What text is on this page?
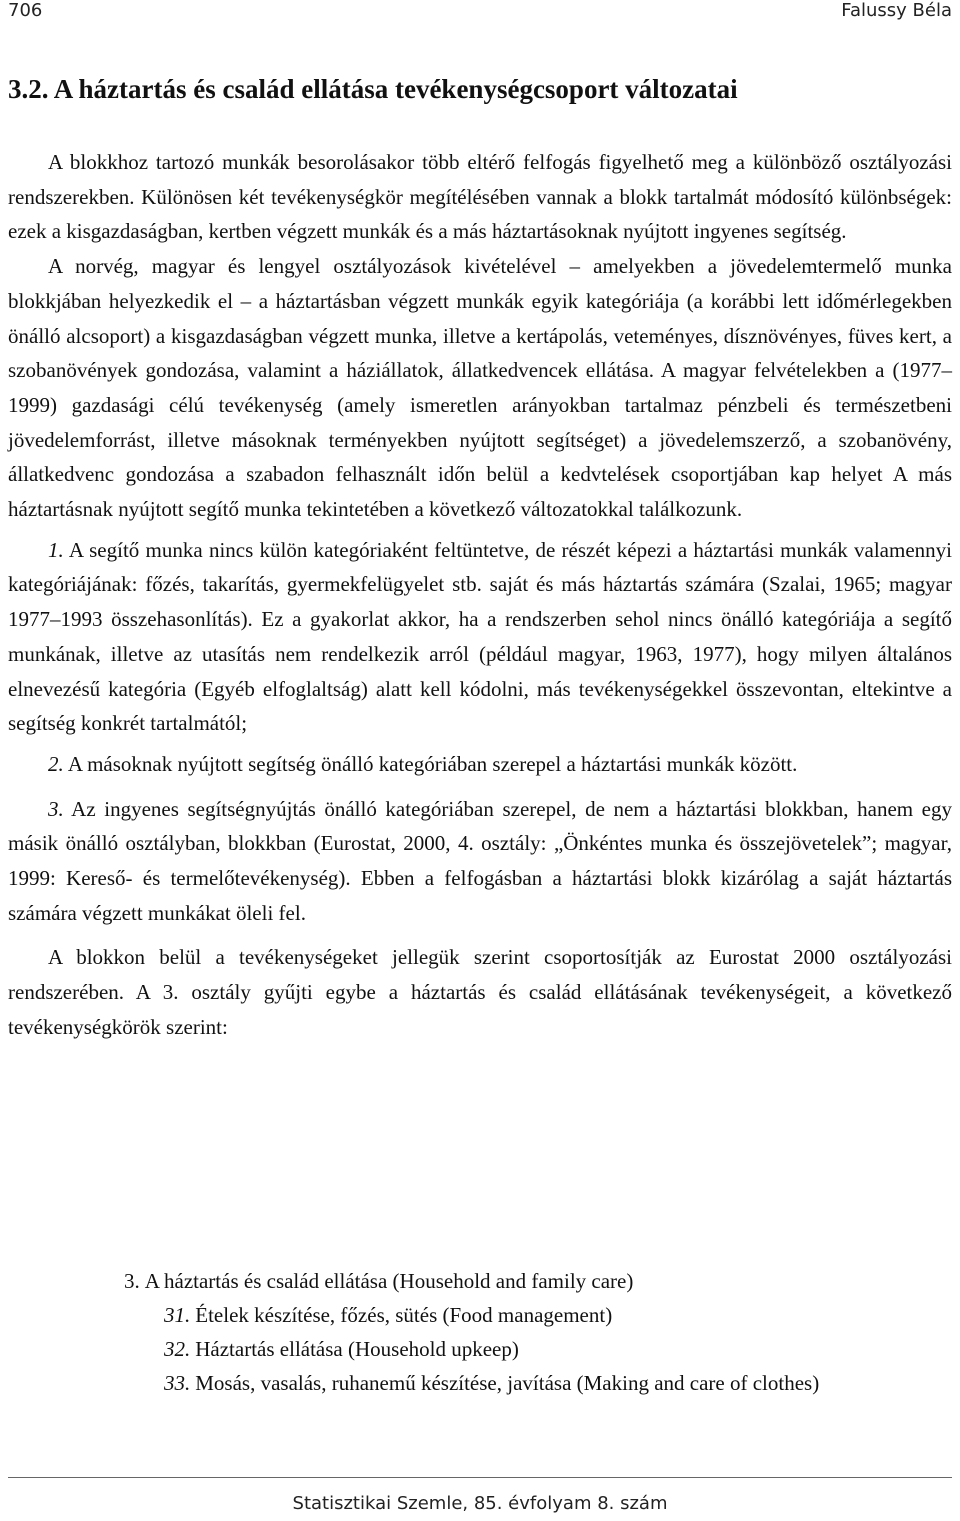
706	Falussy Béla
3.2. A háztartás és család ellátása tevékenységcsoport változatai

A blokkhoz tartozó munkák besorolásakor több eltérő felfogás figyelhető meg a különböző osztályozási rendszerekben. Különösen két tevékenységkör megítélésében vannak a blokk tartalmát módosító különbségek: ezek a kisgazdaságban, kertben végzett munkák és a más háztartásoknak nyújtott ingyenes segítség.

A norvég, magyar és lengyel osztályozások kivételével – amelyekben a jövedelemtermelő munka blokkjában helyezkedik el – a háztartásban végzett munkák egyik kategóriája (a korábbi lett időmérlegekben önálló alcsoport) a kisgazdaságban végzett munka, illetve a kertápolás, veteményes, dísznövényes, füves kert, a szobanövények gondozása, valamint a háziállatok, állatkedvencek ellátása. A magyar felvételekben a (1977–1999) gazdasági célú tevékenység (amely ismeretlen arányokban tartalmaz pénzbeli és természetbeni jövedelemforrást, illetve másoknak terményekben nyújtott segítséget) a jövedelemszerző, a szobanövény, állatkedvenc gondozása a szabadon felhasznált időn belül a kedvtelések csoportjában kap helyet A más háztartásnak nyújtott segítő munka tekintetében a következő változatokkal találkozunk.

1. A segítő munka nincs külön kategóriaként feltüntetve, de részét képezi a háztartási munkák valamennyi kategóriájának: főzés, takarítás, gyermekfelügyelet stb. saját és más háztartás számára (Szalai, 1965; magyar 1977–1993 összehasonlítás). Ez a gyakorlat akkor, ha a rendszerben sehol nincs önálló kategóriája a segítő munkának, illetve az utasítás nem rendelkezik arról (például magyar, 1963, 1977), hogy milyen általános elnevezésű kategória (Egyéb elfoglaltság) alatt kell kódolni, más tevékenységekkel összevontan, eltekintve a segítség konkrét tartalmától;

2. A másoknak nyújtott segítség önálló kategóriában szerepel a háztartási munkák között.

3. Az ingyenes segítségnyújtás önálló kategóriában szerepel, de nem a háztartási blokkban, hanem egy másik önálló osztályban, blokkban (Eurostat, 2000, 4. osztály: „Önkéntes munka és összejövetelek”; magyar, 1999: Kereső- és termelőtevékenység). Ebben a felfogásban a háztartási blokk kizárólag a saját háztartás számára végzett munkákat öleli fel.

A blokkon belül a tevékenységeket jellegük szerint csoportosítják az Eurostat 2000 osztályozási rendszerében. A 3. osztály gyűjti egybe a háztartás és család ellátásának tevékenységeit, a következő tevékenységkörök szerint:

3. A háztartás és család ellátása (Household and family care)
31. Ételek készítése, főzés, sütés (Food management)
32. Háztartás ellátása (Household upkeep)
33. Mosás, vasalás, ruhanemű készítése, javítása (Making and care of clothes)
Statisztikai Szemle, 85. évfolyam 8. szám
